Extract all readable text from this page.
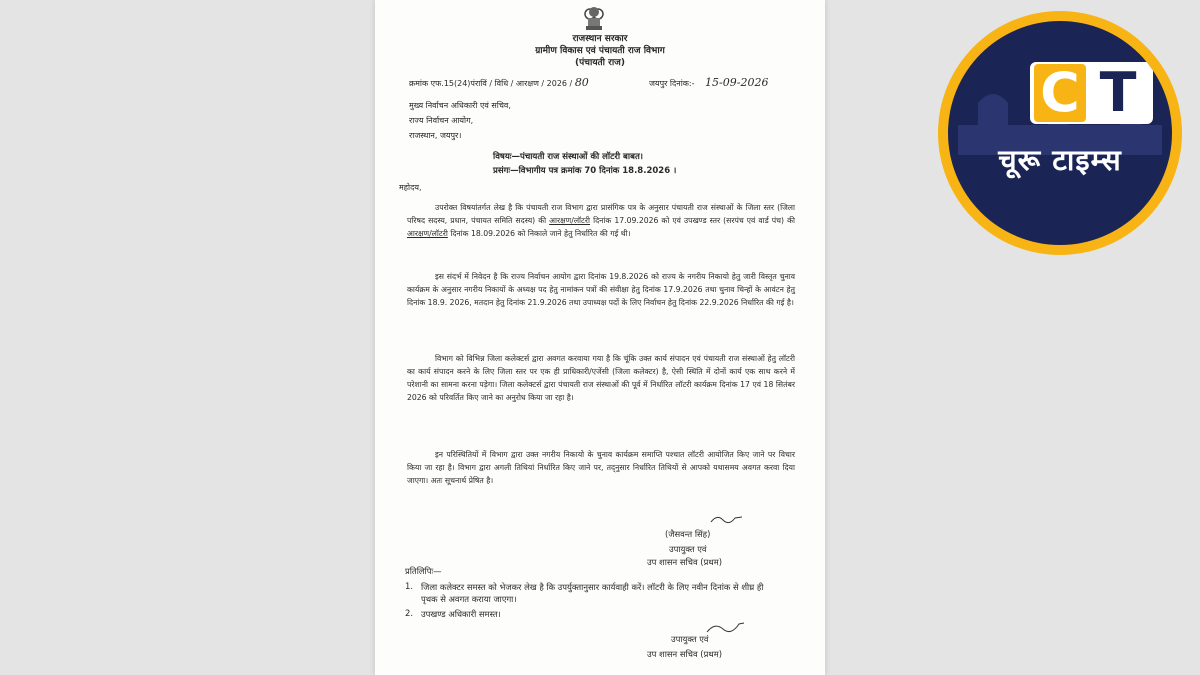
राजस्थान सरकार
ग्रामीण विकास एवं पंचायती राज विभाग
(पंचायती राज)
क्रमांक एफ.15(24)पंराविं / विधि / आरक्षण / 2026 / 80	जयपुर दिनांक:- 15-09-2026
मुख्य निर्वाचन अधिकारी एवं सचिव,
राज्य निर्वाचन आयोग,
राजस्थान, जयपुर।
विषयः—पंचायती राज संस्थाओं की लॉटरी बाबत।
प्रसंगः—विभागीय पत्र क्रमांक 70 दिनांक 18.8.2026 ।
महोदय,

उपरोक्त विषयांतर्गत लेख है कि पंचायती राज विभाग द्वारा प्रासंगिक पत्र के अनुसार पंचायती राज संस्थाओं के जिला स्तर (जिला परिषद सदस्य, प्रधान, पंचायत समिति सदस्य) की आरक्षण/लॉटरी दिनांक 17.09.2026 को एवं उपखण्ड स्तर (सरपंच एवं वार्ड पंच) की आरक्षण/लॉटरी दिनांक 18.09.2026 को निकाले जाने हेतु निर्धारित की गई थी।

इस संदर्भ में निवेदन है कि राज्य निर्वाचन आयोग द्वारा दिनांक 19.8.2026 को राज्य के नगरीय निकायो हेतु जारी विस्तृत चुनाव कार्यक्रम के अनुसार नगरीय निकायों के अध्यक्ष पद हेतु नामांकन पत्रों की संवीक्षा हेतु दिनांक 17.9.2026 तथा चुनाव चिन्हों के आवंटन हेतु दिनांक 18.9. 2026, मतदान हेतु दिनांक 21.9.2026 तथा उपाध्यक्ष पदों के लिए निर्वाचन हेतु दिनांक 22.9.2026 निर्धारित की गई है।

विभाग को विभिन्न जिला कलेक्टर्स द्वारा अवगत करवाया गया है कि चूंकि उक्त कार्य संपादन एवं पंचायती राज संस्थाओं हेतु लॉटरी का कार्य संपादन करने के लिए जिला स्तर पर एक ही प्राधिकारी/एजेंसी (जिला कलेक्टर) है, ऐसी स्थिति में दोनों कार्य एक साथ करने में परेशानी का सामना करना पड़ेगा। जिला कलेक्टर्स द्वारा पंचायती राज संस्थाओं की पूर्व में निर्धारित लॉटरी कार्यक्रम दिनांक 17 एवं 18 सितंबर 2026 को परिवर्तित किए जाने का अनुरोध किया जा रहा है।

इन परिस्थितियों में विभाग द्वारा उक्त नगरीय निकायो के चुनाव कार्यक्रम समाप्ति पश्चात लॉटरी आयोजित किए जाने पर विचार किया जा रहा है। विभाग द्वारा अगली तिथियां निर्धारित किए जाने पर, तद्नुसार निर्धारित तिथियों से आपको यथासमय अवगत करवा दिया जाएगा। अतः सूचनार्थ प्रेषित है।

(जैसवन्त सिंह)
उपायुक्त एवं
उप शासन सचिव (प्रथम)
प्रतिलिपिः—
1. जिला कलेक्टर समस्त को भेजकर लेख है कि उपर्युक्तानुसार कार्यवाही करें। लॉटरी के लिए नवीन दिनांक से शीघ्र ही पृथक से अवगत कराया जाएगा।
2. उपखण्ड अधिकारी समस्त।
उपायुक्त एवं
उप शासन सचिव (प्रथम)
C T
चूरू टाइम्स
